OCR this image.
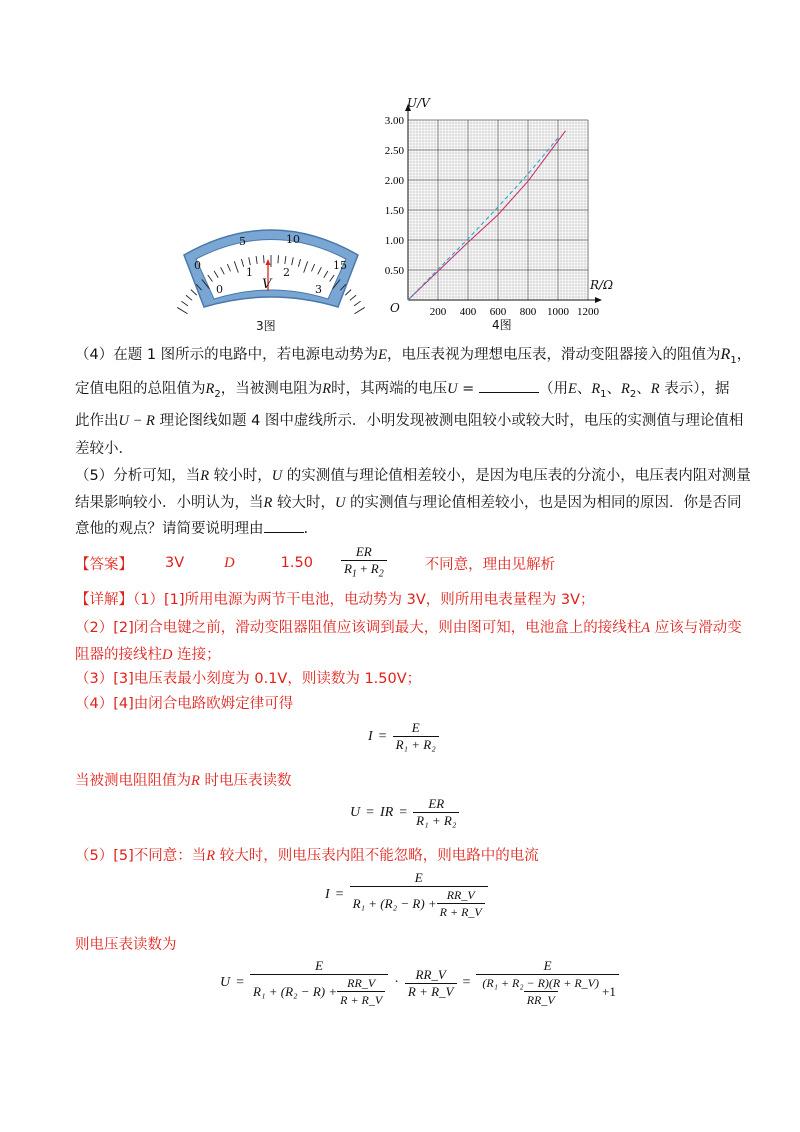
0
5	10
15
0
1	2
3
V
3图
0.50
1.00
1.50
2.00
2.50
3.00
200 400 600 800 1000 1200
U/V
R/Ω
O
4图
（4）在题 1 图所示的电路中，若电源电动势为E，电压表视为理想电压表，滑动变阻器接入的阻值为$R_1$，
定值电阻的总阻值为$R_2$，当被测电阻为R时，其两端的电压U =	（用E、$R_1$、$R_2$、R 表示），据
此作出U − R 理论图线如题 4 图中虚线所示．小明发现被测电阻较小或较大时，电压的实测值与理论值相
差较小．
（5）分析可知，当R 较小时，U 的实测值与理论值相差较小，是因为电压表的分流小，电压表内阻对测量
结果影响较小．小明认为，当R 较大时，U 的实测值与理论值相差较小，也是因为相同的原因．你是否同
意他的观点？请简要说明理由	.
【答案】 3V	D	$1.50 \frac{ER}{R_1 + R_2}$	不同意，理由见解析
【详解】（1）[1]所用电源为两节干电池，电动势为 3V，则所用电表量程为 3V；
（2）[2]闭合电键之前，滑动变阻器阻值应该调到最大，则由图可知，电池盒上的接线柱A 应该与滑动变
阻器的接线柱D 连接；
（3）[3]电压表最小刻度为 0.1V，则读数为 1.50V；
（4）[4]由闭合电路欧姆定律可得
$I = \frac{E}{\text{R₁ + R₂}}$
当被测电阻阻值为R 时电压表读数
U = IR = $\frac{ER}{\text{R₁ + R₂}}$
（5）[5]不同意：当R 较大时，则电压表内阻不能忽略，则电路中的电流
$I = \frac{E}{R_1 + (R_2 - R) + \frac{RR\_V}{R + R\_V}}$
则电压表读数为
$U = \frac{E}{R_1 + (R_2 - R) + \frac{RR\_V}{R + R\_V}} \cdot \frac{RR\_V}{R + R\_V} = \frac{E}{\frac{\text{(R₁ + R₂ − R)(R + R\_V)}}{RR\_V} +1}$
